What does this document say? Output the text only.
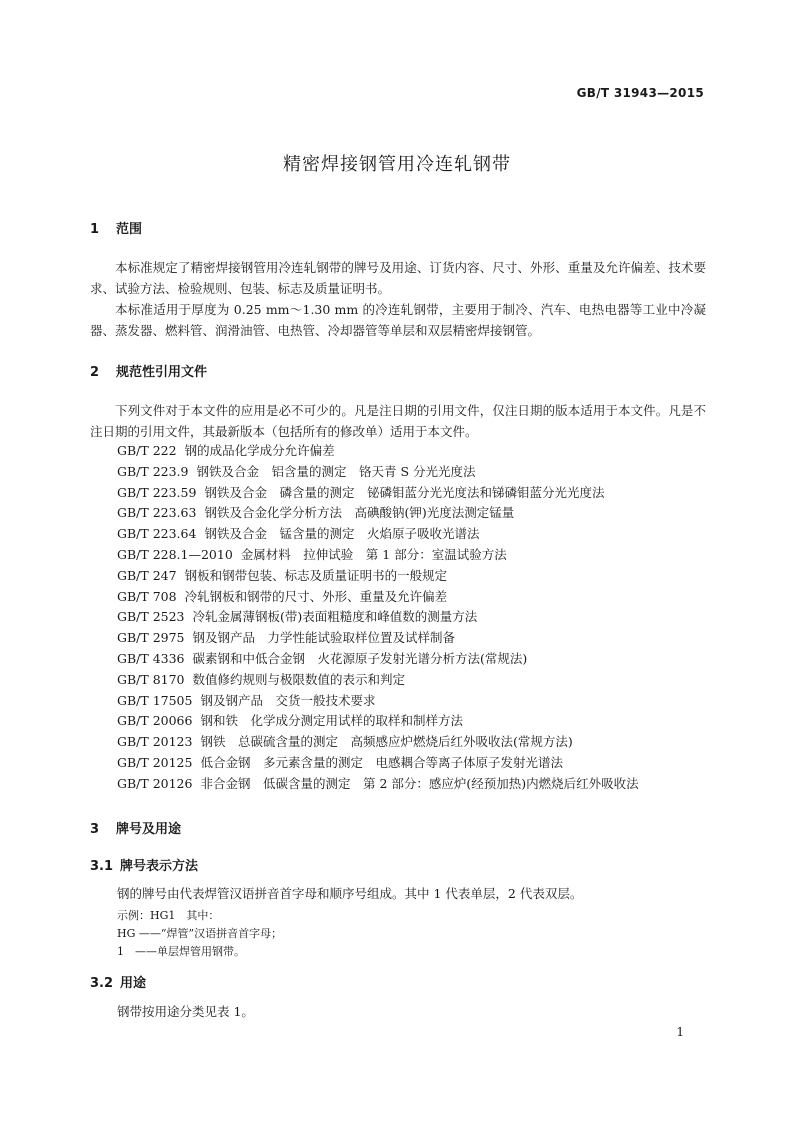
GB/T 31943—2015
精密焊接钢管用冷连轧钢带
1 范围

本标准规定了精密焊接钢管用冷连轧钢带的牌号及用途、订货内容、尺寸、外形、重量及允许偏差、技术要求、试验方法、检验规则、包装、标志及质量证明书。

本标准适用于厚度为 0.25 mm～1.30 mm 的冷连轧钢带，主要用于制冷、汽车、电热电器等工业中冷凝器、蒸发器、燃料管、润滑油管、电热管、冷却器管等单层和双层精密焊接钢管。

2 规范性引用文件

下列文件对于本文件的应用是必不可少的。凡是注日期的引用文件，仅注日期的版本适用于本文件。凡是不注日期的引用文件，其最新版本（包括所有的修改单）适用于本文件。

GB/T 222 钢的成品化学成分允许偏差
GB/T 223.9 钢铁及合金　铝含量的测定　铬天青 S 分光光度法
GB/T 223.59 钢铁及合金　磷含量的测定　铋磷钼蓝分光光度法和锑磷钼蓝分光光度法
GB/T 223.63 钢铁及合金化学分析方法　高碘酸钠(钾)光度法测定锰量
GB/T 223.64 钢铁及合金　锰含量的测定　火焰原子吸收光谱法
GB/T 228.1—2010 金属材料　拉伸试验　第 1 部分：室温试验方法
GB/T 247 钢板和钢带包装、标志及质量证明书的一般规定
GB/T 708 冷轧钢板和钢带的尺寸、外形、重量及允许偏差
GB/T 2523 冷轧金属薄钢板(带)表面粗糙度和峰值数的测量方法
GB/T 2975 钢及钢产品　力学性能试验取样位置及试样制备
GB/T 4336 碳素钢和中低合金钢　火花源原子发射光谱分析方法(常规法)
GB/T 8170 数值修约规则与极限数值的表示和判定
GB/T 17505 钢及钢产品　交货一般技术要求
GB/T 20066 钢和铁　化学成分测定用试样的取样和制样方法
GB/T 20123 钢铁　总碳硫含量的测定　高频感应炉燃烧后红外吸收法(常规方法)
GB/T 20125 低合金钢　多元素含量的测定　电感耦合等离子体原子发射光谱法
GB/T 20126 非合金钢　低碳含量的测定　第 2 部分：感应炉(经预加热)内燃烧后红外吸收法
3 牌号及用途
3.1 牌号表示方法
钢的牌号由代表焊管汉语拼音首字母和顺序号组成。其中 1 代表单层，2 代表双层。
示例：HG1　其中：
HG ——“焊管”汉语拼音首字母；
1　——单层焊管用钢带。
3.2 用途
钢带按用途分类见表 1。
1
